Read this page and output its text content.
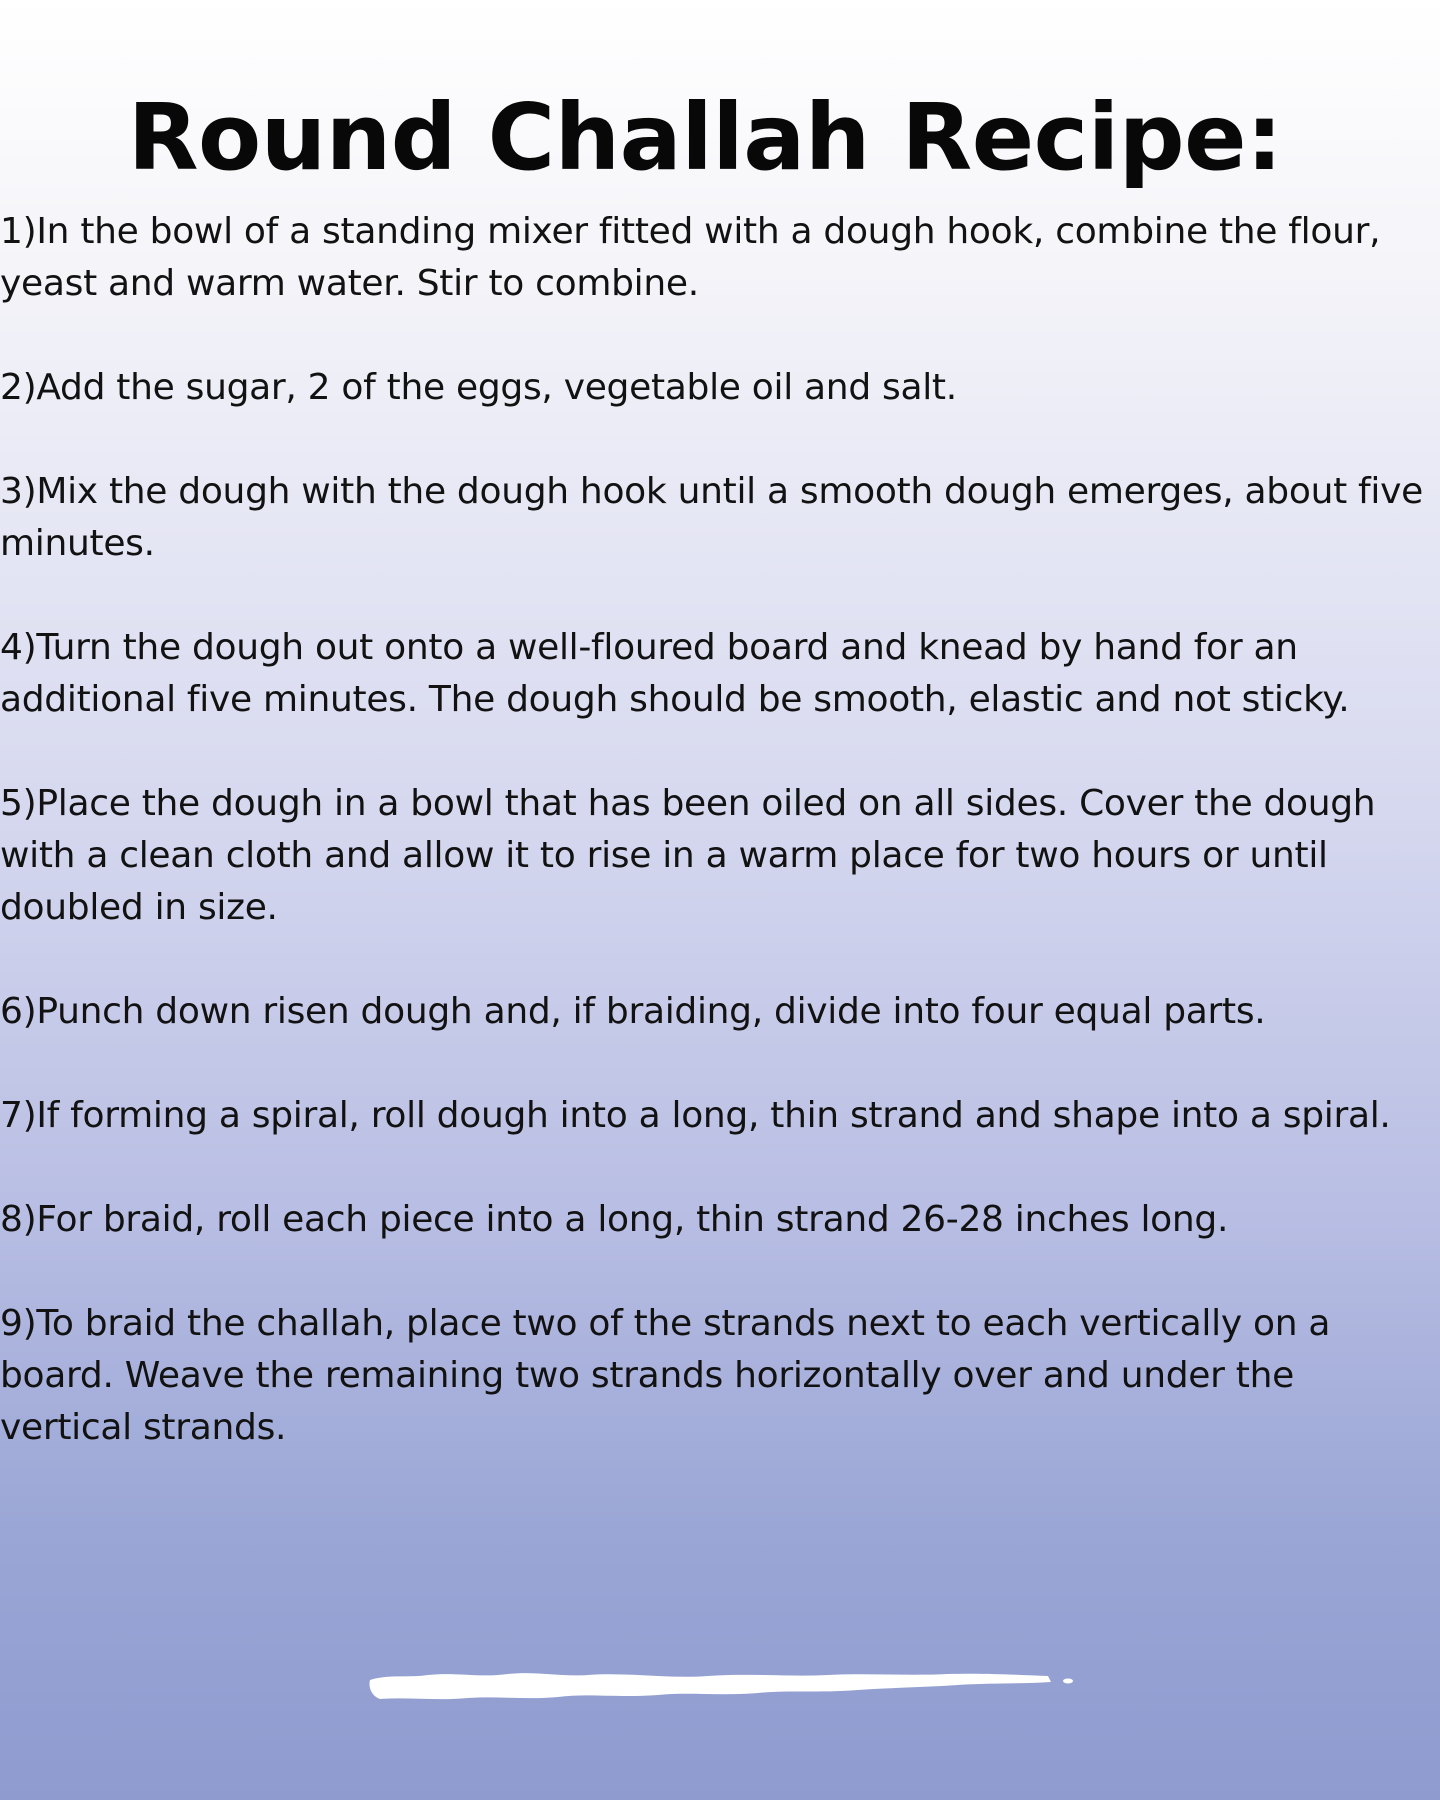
Round Challah Recipe:

1)In the bowl of a standing mixer fitted with a dough hook, combine the flour, yeast and warm water. Stir to combine.

2)Add the sugar, 2 of the eggs, vegetable oil and salt.

3)Mix the dough with the dough hook until a smooth dough emerges, about five minutes.

4)Turn the dough out onto a well-floured board and knead by hand for an additional five minutes. The dough should be smooth, elastic and not sticky.

5)Place the dough in a bowl that has been oiled on all sides. Cover the dough with a clean cloth and allow it to rise in a warm place for two hours or until doubled in size.

6)Punch down risen dough and, if braiding, divide into four equal parts.

7)If forming a spiral, roll dough into a long, thin strand and shape into a spiral.

8)For braid, roll each piece into a long, thin strand 26-28 inches long.

9)To braid the challah, place two of the strands next to each vertically on a board. Weave the remaining two strands horizontally over and under the vertical strands.
